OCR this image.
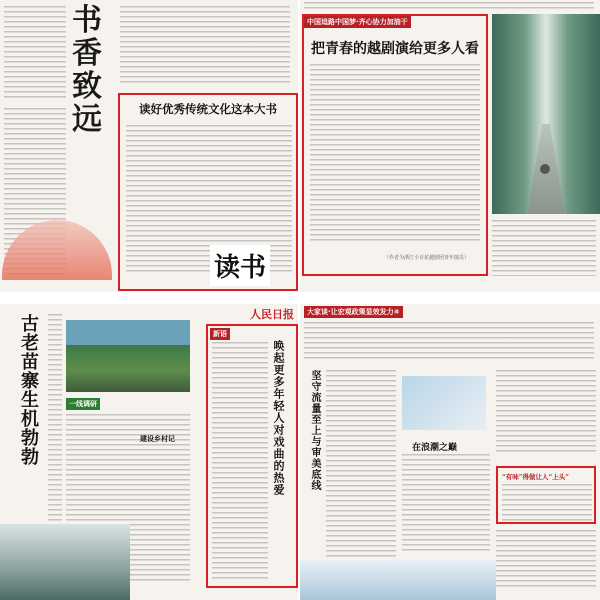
书香致远	读好优秀传统文化这本大书
读书
中国追路中国梦·齐心协力加油干
把青春的越剧演给更多人看
（作者为浙江小百花越剧团青年演员）
人民日报
古老苗寨生机勃勃	一线调研
建设乡村记
新语
唤起更多年轻人对戏曲的热爱
大家谈·让宏观政策显效发力④
坚守流量至上与审美底线	在浪潮之巅
“有味”得做让人“上头”
